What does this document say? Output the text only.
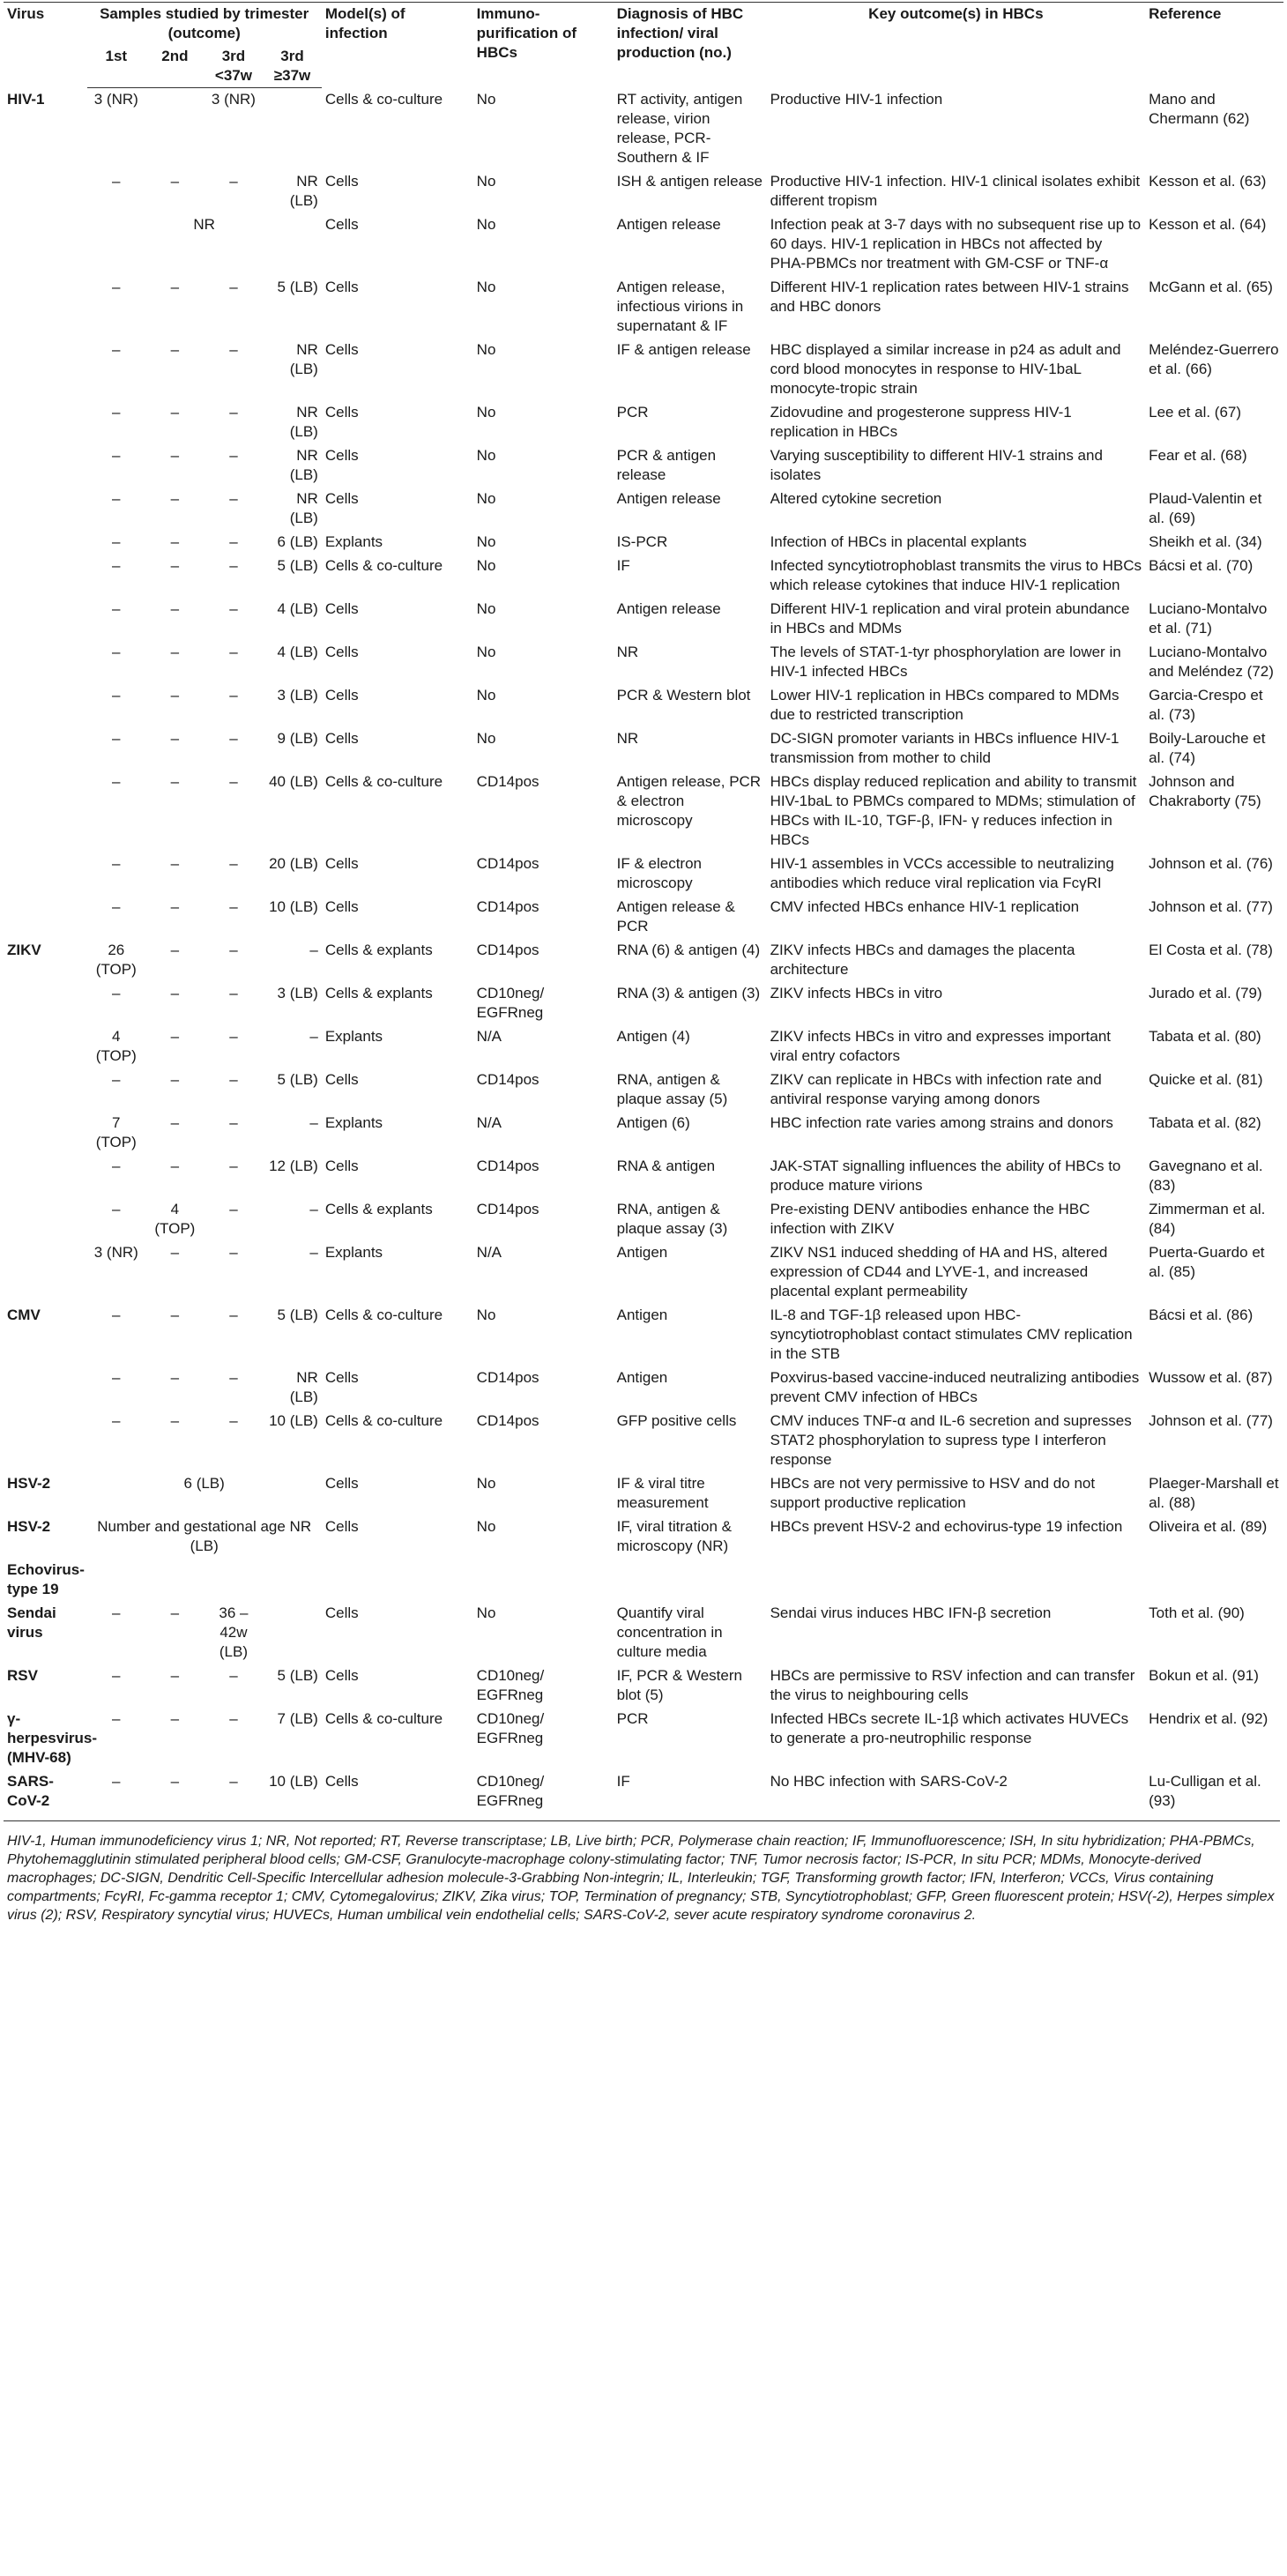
Virus	Samples studied by trimester (outcome)				Model(s) of infection	Immuno-purification of HBCs	Diagnosis of HBC infection/ viral production (no.)	Key outcome(s) in HBCs	Reference
	1st	2nd	3rd <37w	3rd ≥37w					
HIV-1	3 (NR)		3 (NR)		Cells & co-culture	No	RT activity, antigen release, virion release, PCR-Southern & IF	Productive HIV-1 infection	Mano and Chermann (62)
	–	–	–	NR (LB)	Cells	No	ISH & antigen release	Productive HIV-1 infection. HIV-1 clinical isolates exhibit different tropism	Kesson et al. (63)
	NR				Cells	No	Antigen release	Infection peak at 3-7 days with no subsequent rise up to 60 days. HIV-1 replication in HBCs not affected by PHA-PBMCs nor treatment with GM-CSF or TNF-α	Kesson et al. (64)
	–	–	–	5 (LB)	Cells	No	Antigen release, infectious virions in supernatant & IF	Different HIV-1 replication rates between HIV-1 strains and HBC donors	McGann et al. (65)
	–	–	–	NR (LB)	Cells	No	IF & antigen release	HBC displayed a similar increase in p24 as adult and cord blood monocytes in response to HIV-1baL monocyte-tropic strain	Meléndez-Guerrero et al. (66)
	–	–	–	NR (LB)	Cells	No	PCR	Zidovudine and progesterone suppress HIV-1 replication in HBCs	Lee et al. (67)
	–	–	–	NR (LB)	Cells	No	PCR & antigen release	Varying susceptibility to different HIV-1 strains and isolates	Fear et al. (68)
	–	–	–	NR (LB)	Cells	No	Antigen release	Altered cytokine secretion	Plaud-Valentin et al. (69)
	–	–	–	6 (LB)	Explants	No	IS-PCR	Infection of HBCs in placental explants	Sheikh et al. (34)
	–	–	–	5 (LB)	Cells & co-culture	No	IF	Infected syncytiotrophoblast transmits the virus to HBCs which release cytokines that induce HIV-1 replication	Bácsi et al. (70)
	–	–	–	4 (LB)	Cells	No	Antigen release	Different HIV-1 replication and viral protein abundance in HBCs and MDMs	Luciano-Montalvo et al. (71)
	–	–	–	4 (LB)	Cells	No	NR	The levels of STAT-1-tyr phosphorylation are lower in HIV-1 infected HBCs	Luciano-Montalvo and Meléndez (72)
	–	–	–	3 (LB)	Cells	No	PCR & Western blot	Lower HIV-1 replication in HBCs compared to MDMs due to restricted transcription	Garcia-Crespo et al. (73)
	–	–	–	9 (LB)	Cells	No	NR	DC-SIGN promoter variants in HBCs influence HIV-1 transmission from mother to child	Boily-Larouche et al. (74)
	–	–	–	40 (LB)	Cells & co-culture	CD14pos	Antigen release, PCR & electron microscopy	HBCs display reduced replication and ability to transmit HIV-1baL to PBMCs compared to MDMs; stimulation of HBCs with IL-10, TGF-β, IFN- γ reduces infection in HBCs	Johnson and Chakraborty (75)
	–	–	–	20 (LB)	Cells	CD14pos	IF & electron microscopy	HIV-1 assembles in VCCs accessible to neutralizing antibodies which reduce viral replication via FcγRI	Johnson et al. (76)
	–	–	–	10 (LB)	Cells	CD14pos	Antigen release & PCR	CMV infected HBCs enhance HIV-1 replication	Johnson et al. (77)
ZIKV	26 (TOP)	–	–	–	Cells & explants	CD14pos	RNA (6) & antigen (4)	ZIKV infects HBCs and damages the placenta architecture	El Costa et al. (78)
	–	–	–	3 (LB)	Cells & explants	CD10neg/ EGFRneg	RNA (3) & antigen (3)	ZIKV infects HBCs in vitro	Jurado et al. (79)
	4 (TOP)	–	–	–	Explants	N/A	Antigen (4)	ZIKV infects HBCs in vitro and expresses important viral entry cofactors	Tabata et al. (80)
	–	–	–	5 (LB)	Cells	CD14pos	RNA, antigen & plaque assay (5)	ZIKV can replicate in HBCs with infection rate and antiviral response varying among donors	Quicke et al. (81)
	7 (TOP)	–	–	–	Explants	N/A	Antigen (6)	HBC infection rate varies among strains and donors	Tabata et al. (82)
	–	–	–	12 (LB)	Cells	CD14pos	RNA & antigen	JAK-STAT signalling influences the ability of HBCs to produce mature virions	Gavegnano et al. (83)
	–	4 (TOP)	–	–	Cells & explants	CD14pos	RNA, antigen & plaque assay (3)	Pre-existing DENV antibodies enhance the HBC infection with ZIKV	Zimmerman et al. (84)
	3 (NR)	–	–	–	Explants	N/A	Antigen	ZIKV NS1 induced shedding of HA and HS, altered expression of CD44 and LYVE-1, and increased placental explant permeability	Puerta-Guardo et al. (85)
CMV	–	–	–	5 (LB)	Cells & co-culture	No	Antigen	IL-8 and TGF-1β released upon HBC-syncytiotrophoblast contact stimulates CMV replication in the STB	Bácsi et al. (86)
	–	–	–	NR (LB)	Cells	CD14pos	Antigen	Poxvirus-based vaccine-induced neutralizing antibodies prevent CMV infection of HBCs	Wussow et al. (87)
	–	–	–	10 (LB)	Cells & co-culture	CD14pos	GFP positive cells	CMV induces TNF-α and IL-6 secretion and supresses STAT2 phosphorylation to supress type I interferon response	Johnson et al. (77)
HSV-2	6 (LB)				Cells	No	IF & viral titre measurement	HBCs are not very permissive to HSV and do not support productive replication	Plaeger-Marshall et al. (88)
HSV-2	Number and gestational age NR (LB)				Cells	No	IF, viral titration & microscopy (NR)	HBCs prevent HSV-2 and echovirus-type 19 infection	Oliveira et al. (89)
Echovirus-type 19									
Sendai virus	–	–	36 – 42w (LB)		Cells	No	Quantify viral concentration in culture media	Sendai virus induces HBC IFN-β secretion	Toth et al. (90)
RSV	–	–	–	5 (LB)	Cells	CD10neg/ EGFRneg	IF, PCR & Western blot (5)	HBCs are permissive to RSV infection and can transfer the virus to neighbouring cells	Bokun et al. (91)
γ-herpesvirus-(MHV-68)	–	–	–	7 (LB)	Cells & co-culture	CD10neg/ EGFRneg	PCR	Infected HBCs secrete IL-1β which activates HUVECs to generate a pro-neutrophilic response	Hendrix et al. (92)
SARS-CoV-2	–	–	–	10 (LB)	Cells	CD10neg/ EGFRneg	IF	No HBC infection with SARS-CoV-2	Lu-Culligan et al. (93)
HIV-1, Human immunodeficiency virus 1; NR, Not reported; RT, Reverse transcriptase; LB, Live birth; PCR, Polymerase chain reaction; IF, Immunofluorescence; ISH, In situ hybridization; PHA-PBMCs, Phytohemagglutinin stimulated peripheral blood cells; GM-CSF, Granulocyte-macrophage colony-stimulating factor; TNF, Tumor necrosis factor; IS-PCR, In situ PCR; MDMs, Monocyte-derived macrophages; DC-SIGN, Dendritic Cell-Specific Intercellular adhesion molecule-3-Grabbing Non-integrin; IL, Interleukin; TGF, Transforming growth factor; IFN, Interferon; VCCs, Virus containing compartments; FcγRI, Fc-gamma receptor 1; CMV, Cytomegalovirus; ZIKV, Zika virus; TOP, Termination of pregnancy; STB, Syncytiotrophoblast; GFP, Green fluorescent protein; HSV(-2), Herpes simplex virus (2); RSV, Respiratory syncytial virus; HUVECs, Human umbilical vein endothelial cells; SARS-CoV-2, sever acute respiratory syndrome coronavirus 2.
